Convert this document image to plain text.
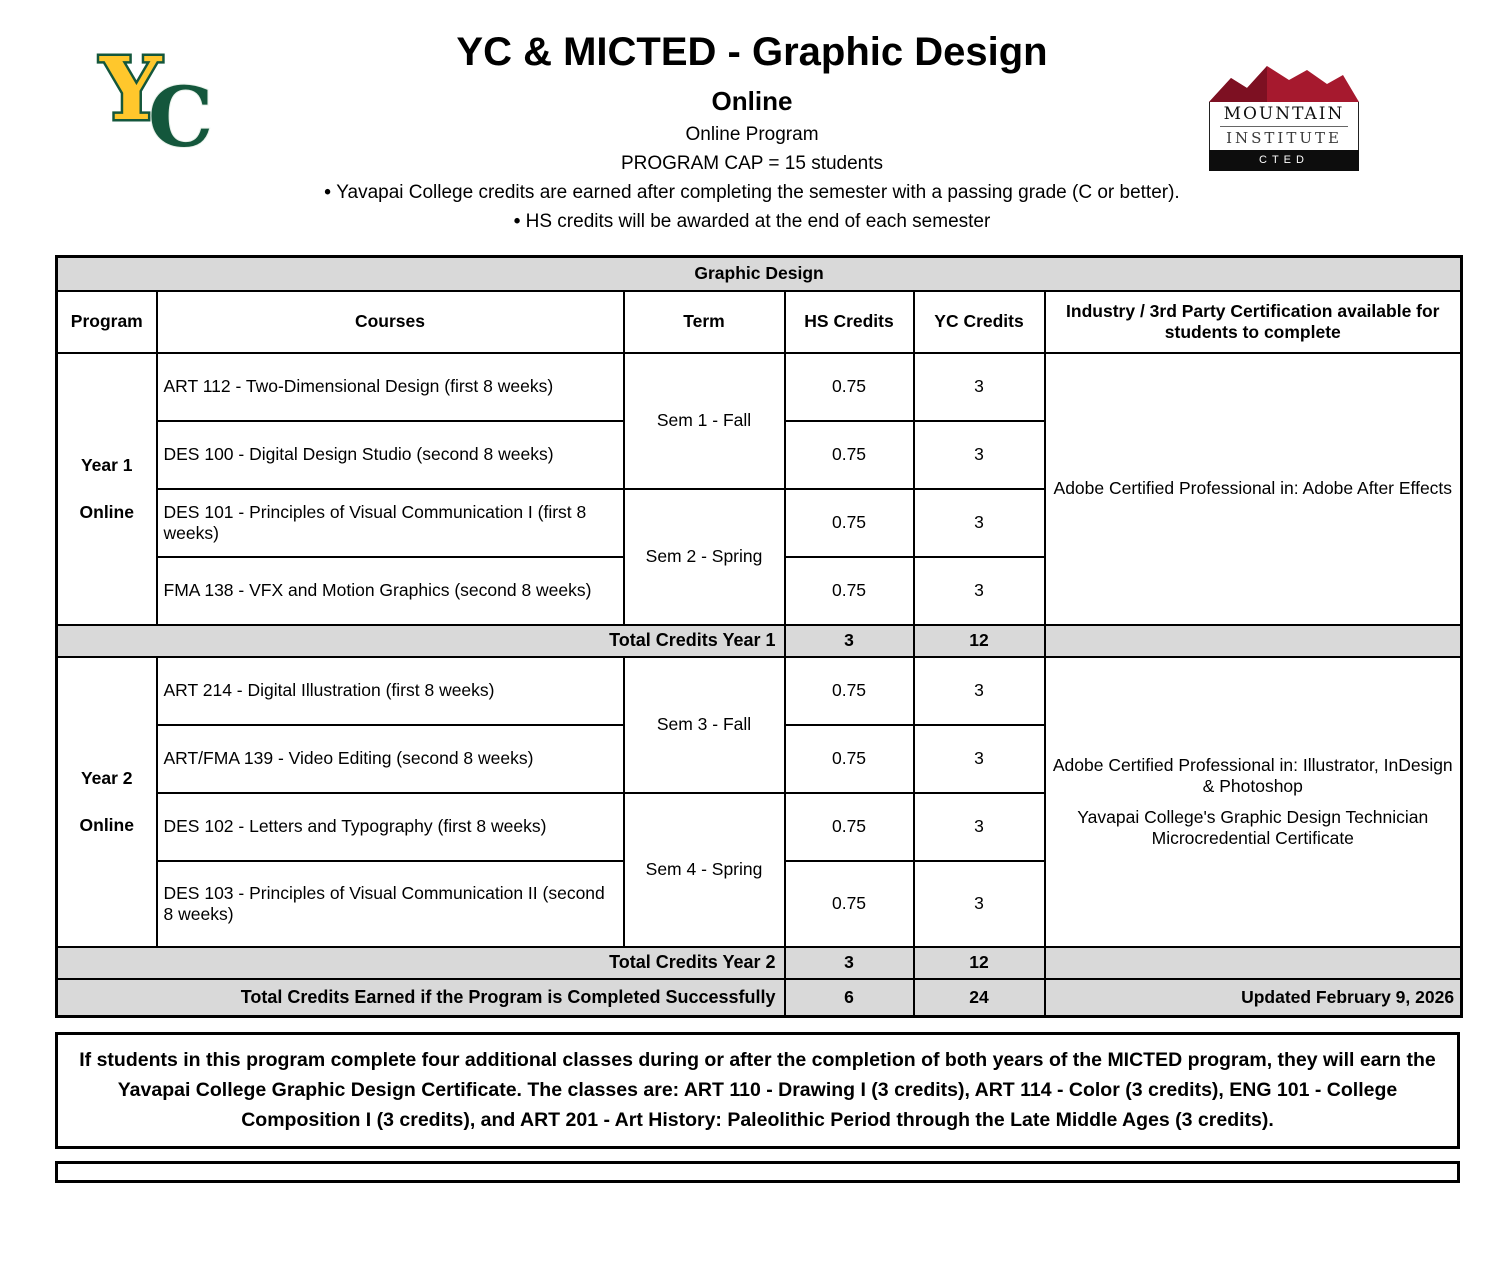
Y
C	MOUNTAIN
INSTITUTE
CTED
YC & MICTED - Graphic Design
Online

Online Program

PROGRAM CAP = 15 students

• Yavapai College credits are earned after completing the semester with a passing grade (C or better).

• HS credits will be awarded at the end of each semester

Graphic Design					
Program	Courses	Term	HS Credits	YC Credits	Industry / 3rd Party Certification available for students to complete

Year 1
Online	ART 112 - Two-Dimensional Design (first 8 weeks)	Sem 1 - Fall	0.75	3	Adobe Certified Professional in: Adobe After Effects
	DES 100 - Digital Design Studio (second 8 weeks)		0.75	3	
	DES 101 - Principles of Visual Communication I (first 8 weeks)	Sem 2 - Spring	0.75	3	
	FMA 138 - VFX and Motion Graphics (second 8 weeks)		0.75	3	
Total Credits Year 1			3	12	

Year 2
Online
	ART 214 - Digital Illustration (first 8 weeks)	Sem 3 - Fall	0.75	3	
Adobe Certified Professional in: Illustrator, InDesign & Photoshop
Yavapai College's Graphic Design Technician Microcredential Certificate

	ART/FMA 139 - Video Editing (second 8 weeks)		0.75	3	
	DES 102 - Letters and Typography (first 8 weeks)	Sem 4 - Spring	0.75	3	
	DES 103 - Principles of Visual Communication II (second 8 weeks)		0.75	3	
Total Credits Year 2			3	12	
Total Credits Earned if the Program is Completed Successfully			6	24	Updated February 9, 2026
If students in this program complete four additional classes during or after the completion of both years of the MICTED program, they will earn the Yavapai College Graphic Design Certificate. The classes are: ART 110 - Drawing I (3 credits), ART 114 - Color (3 credits), ENG 101 - College Composition I (3 credits), and ART 201 - Art History: Paleolithic Period through the Late Middle Ages (3 credits).
